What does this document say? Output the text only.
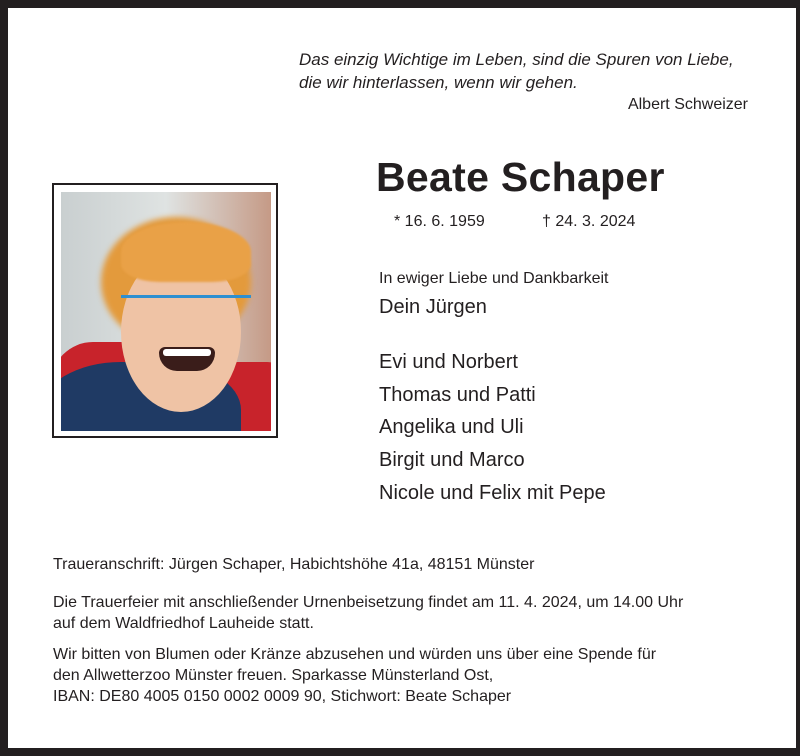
Das einzig Wichtige im Leben, sind die Spuren von Liebe,
die wir hinterlassen, wenn wir gehen.
Albert Schweizer
Beate Schaper
* 16. 6. 1959	† 24. 3. 2024
In ewiger Liebe und Dankbarkeit
Dein Jürgen
Evi und Norbert
Thomas und Patti
Angelika und Uli
Birgit und Marco
Nicole und Felix mit Pepe
Traueranschrift: Jürgen Schaper, Habichtshöhe 41a, 48151 Münster
Die Trauerfeier mit anschließender Urnenbeisetzung findet am 11. 4. 2024, um 14.00 Uhr
auf dem Waldfriedhof Lauheide statt.
Wir bitten von Blumen oder Kränze abzusehen und würden uns über eine Spende für
den Allwetterzoo Münster freuen. Sparkasse Münsterland Ost,
IBAN: DE80 4005 0150 0002 0009 90, Stichwort: Beate Schaper
